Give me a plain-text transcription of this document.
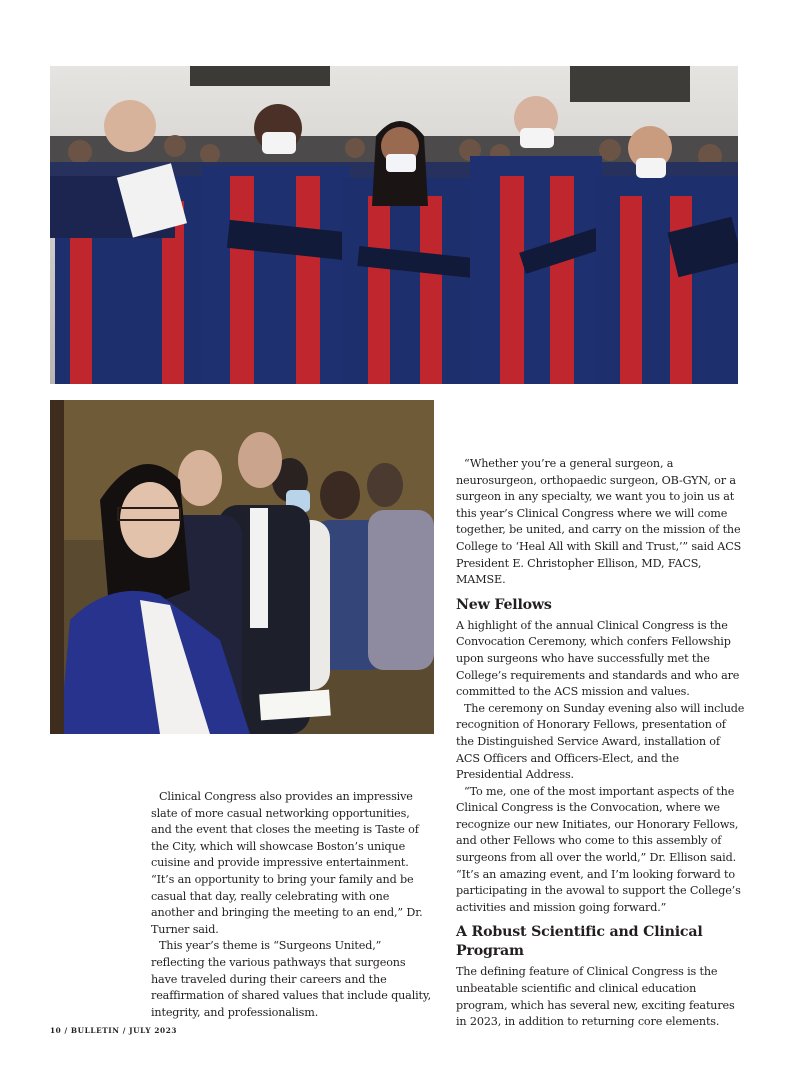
Clinical Congress also provides an impressive slate of more casual networking opportunities, and the event that closes the meeting is Taste of the City, which will showcase Boston’s unique cuisine and provide impressive entertainment. “It’s an opportunity to bring your family and be casual that day, really celebrating with one another and bringing the meeting to an end,” Dr. Turner said.

This year’s theme is “Surgeons United,” reflecting the various pathways that surgeons have traveled during their careers and the reaffirmation of shared values that include quality, integrity, and professionalism.

“Whether you’re a general surgeon, a neurosurgeon, orthopaedic surgeon, OB-GYN, or a surgeon in any specialty, we want you to join us at this year’s Clinical Congress where we will come together, be united, and carry on the mission of the College to ‘Heal All with Skill and Trust,’” said ACS President E. Christopher Ellison, MD, FACS, MAMSE.

New Fellows

A highlight of the annual Clinical Congress is the Convocation Ceremony, which confers Fellowship upon surgeons who have successfully met the College’s requirements and standards and who are committed to the ACS mission and values.

The ceremony on Sunday evening also will include recognition of Honorary Fellows, presentation of the Distinguished Service Award, installation of ACS Officers and Officers-Elect, and the Presidential Address.

“To me, one of the most important aspects of the Clinical Congress is the Convocation, where we recognize our new Initiates, our Honorary Fellows, and other Fellows who come to this assembly of surgeons from all over the world,” Dr. Ellison said. “It’s an amazing event, and I’m looking forward to participating in the avowal to support the College’s activities and mission going forward.”

A Robust Scientific and Clinical Program

The defining feature of Clinical Congress is the unbeatable scientific and clinical education program, which has several new, exciting features in 2023, in addition to returning core elements.

10 / BULLETIN / JULY 2023
